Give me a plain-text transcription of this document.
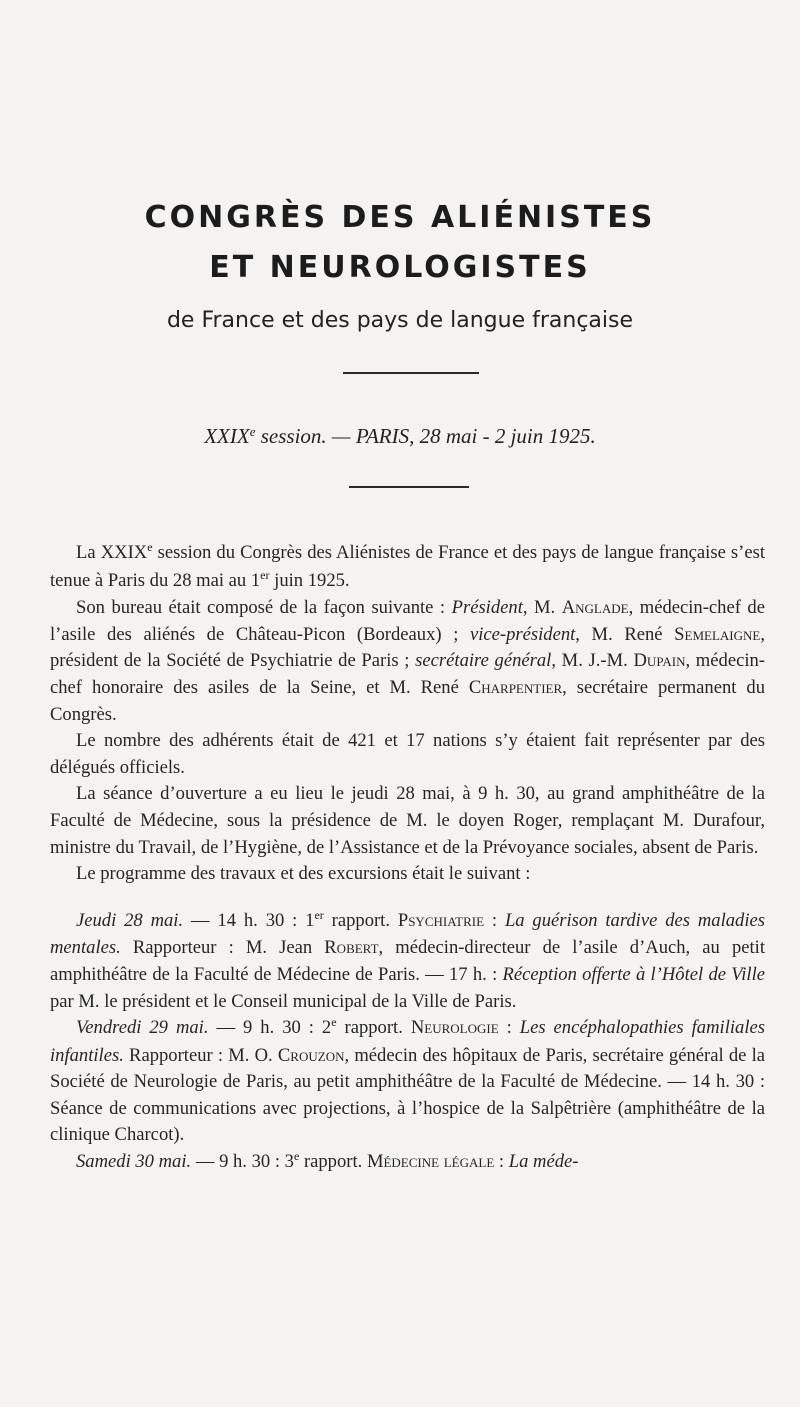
CONGRÈS DES ALIÉNISTES
ET NEUROLOGISTES
de France et des pays de langue française
XXIXe session. — PARIS, 28 mai - 2 juin 1925.

La XXIXe session du Congrès des Aliénistes de France et des pays de langue française s’est tenue à Paris du 28 mai au 1er juin 1925.

Son bureau était composé de la façon suivante : Président, M. Anglade, médecin-chef de l’asile des aliénés de Château-Picon (Bordeaux) ; vice-président, M. René Semelaigne, président de la Société de Psychiatrie de Paris ; secrétaire général, M. J.-M. Dupain, médecin-chef honoraire des asiles de la Seine, et M. René Charpentier, secrétaire permanent du Congrès.

Le nombre des adhérents était de 421 et 17 nations s’y étaient fait représenter par des délégués officiels.

La séance d’ouverture a eu lieu le jeudi 28 mai, à 9 h. 30, au grand amphithéâtre de la Faculté de Médecine, sous la présidence de M. le doyen Roger, remplaçant M. Durafour, ministre du Travail, de l’Hygiène, de l’Assistance et de la Prévoyance sociales, absent de Paris.

Le programme des travaux et des excursions était le suivant :

Jeudi 28 mai. — 14 h. 30 : 1er rapport. Psychiatrie : La guérison tardive des maladies mentales. Rapporteur : M. Jean Robert, médecin-directeur de l’asile d’Auch, au petit amphithéâtre de la Faculté de Médecine de Paris. — 17 h. : Réception offerte à l’Hôtel de Ville par M. le président et le Conseil municipal de la Ville de Paris.

Vendredi 29 mai. — 9 h. 30 : 2e rapport. Neurologie : Les encéphalopathies familiales infantiles. Rapporteur : M. O. Crouzon, médecin des hôpitaux de Paris, secrétaire général de la Société de Neurologie de Paris, au petit amphithéâtre de la Faculté de Médecine. — 14 h. 30 : Séance de communications avec projections, à l’hospice de la Salpêtrière (amphithéâtre de la clinique Charcot).

Samedi 30 mai. — 9 h. 30 : 3e rapport. Médecine légale : La méde-
